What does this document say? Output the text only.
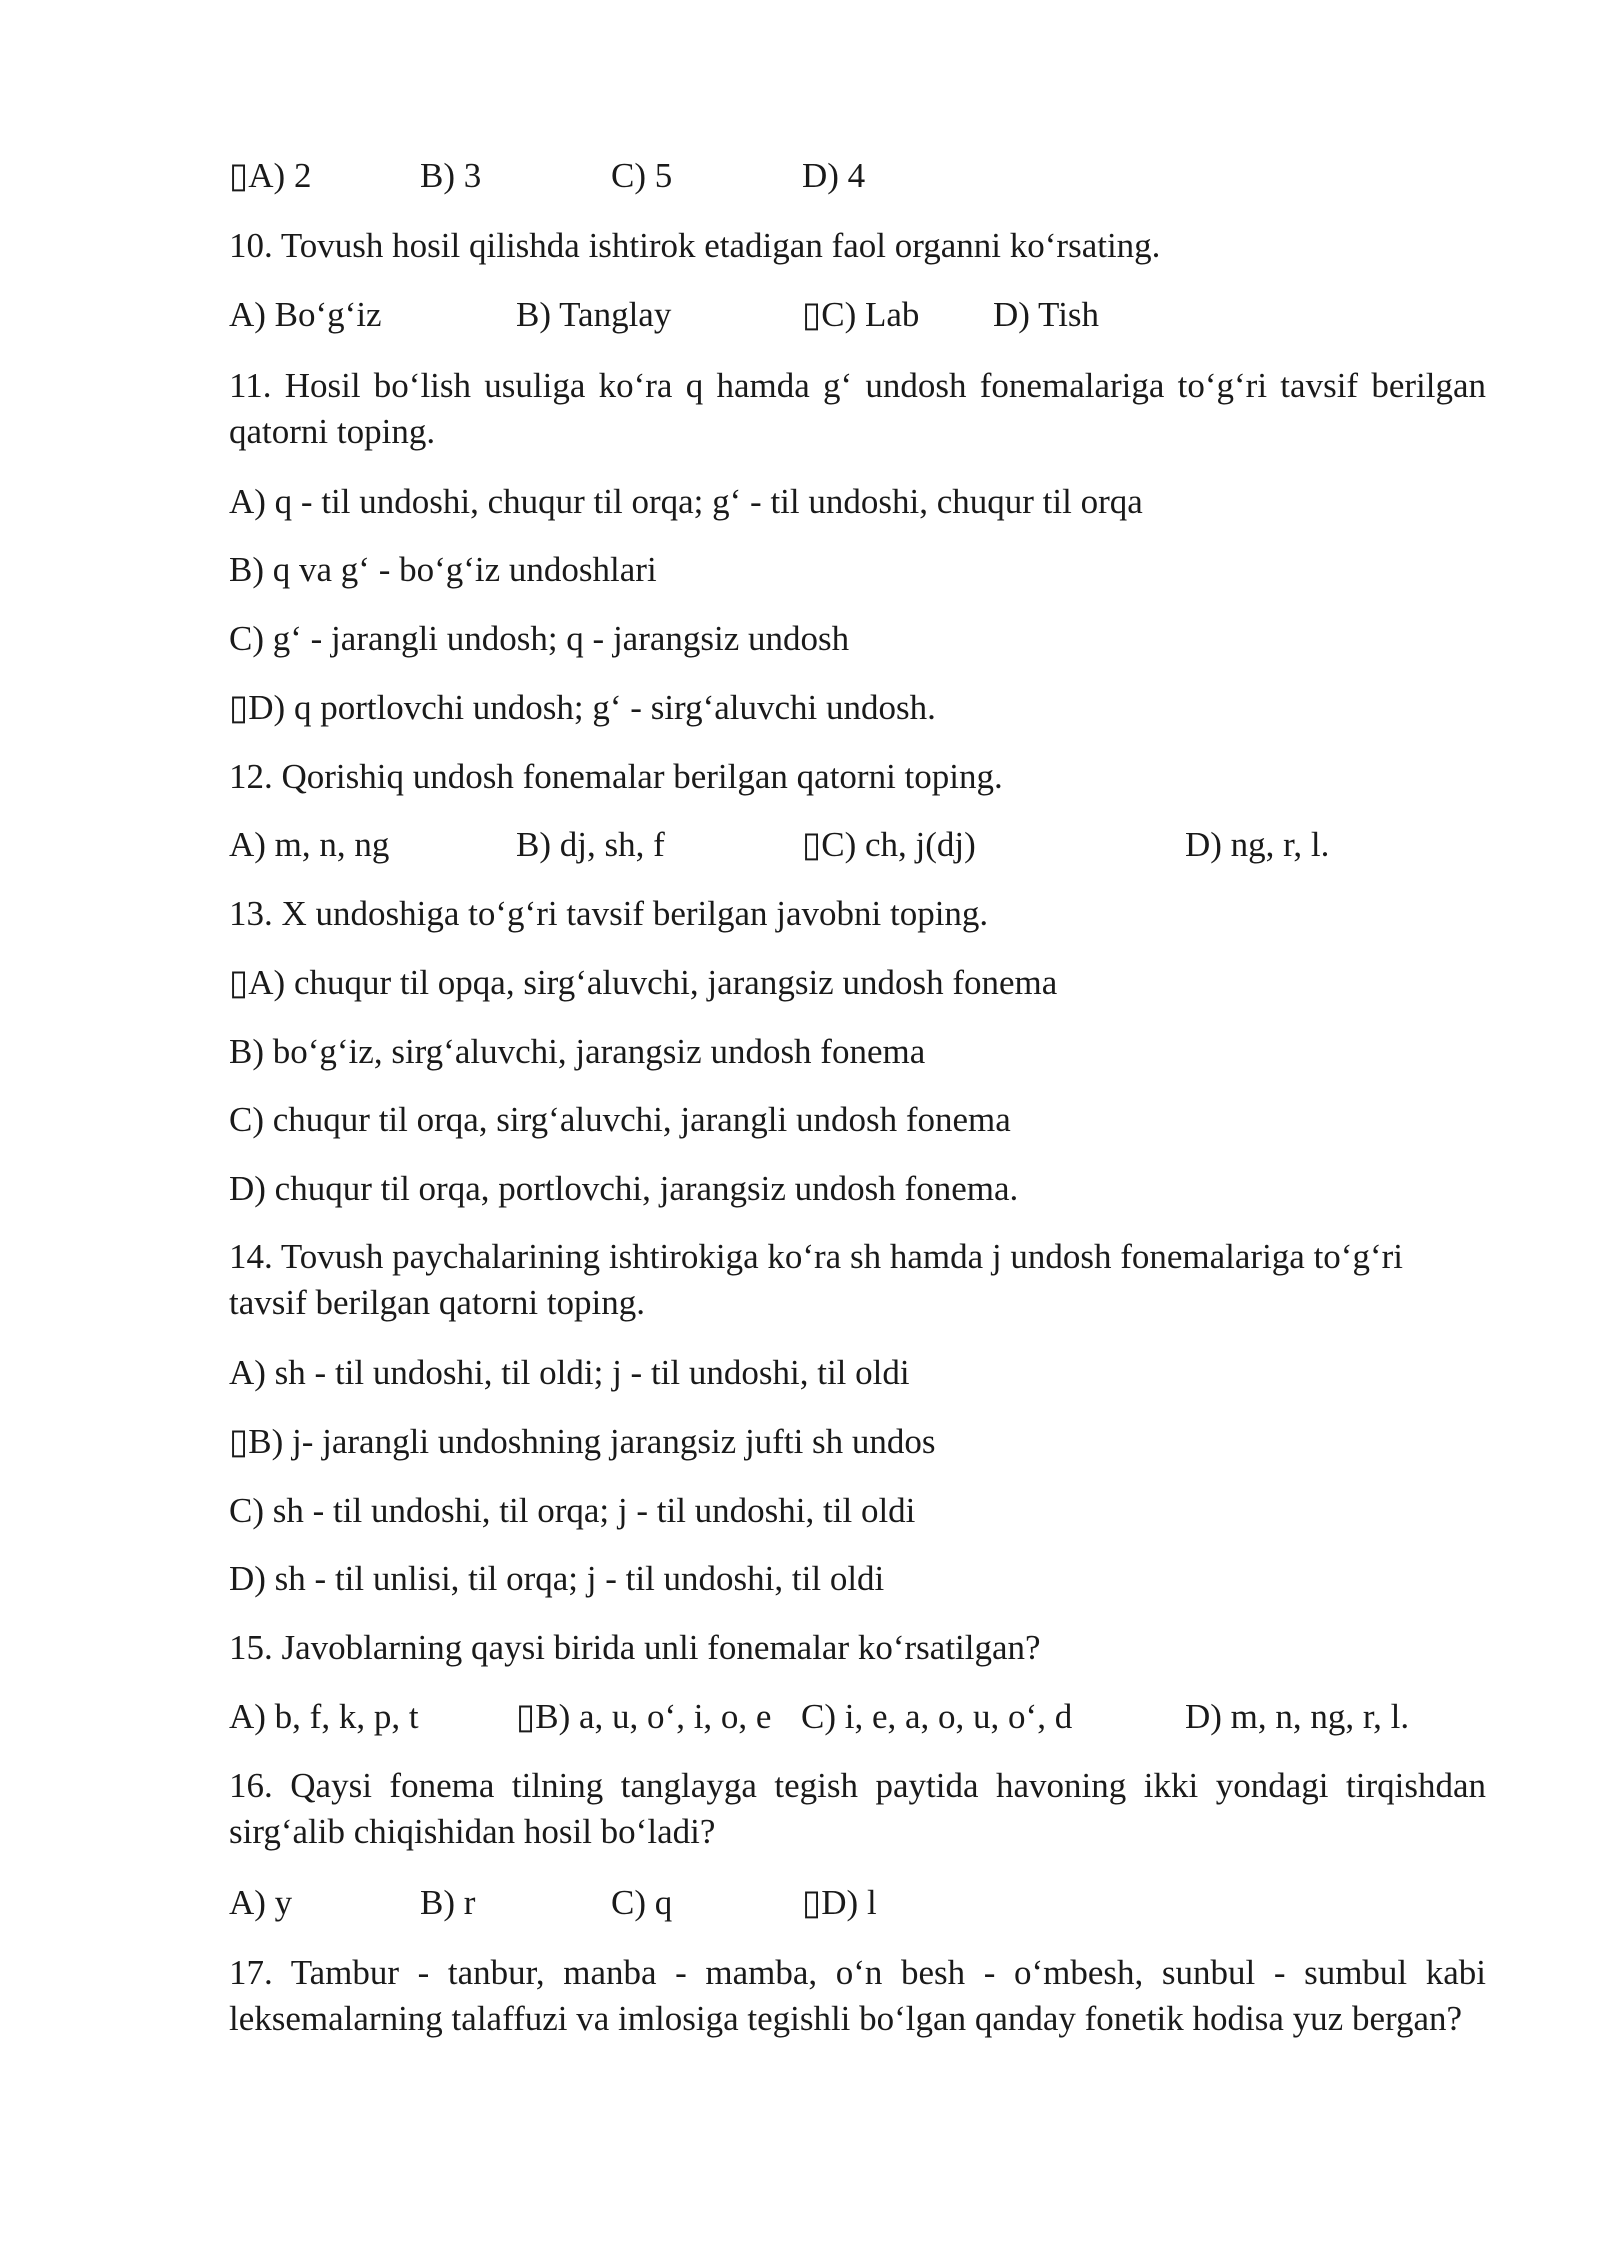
▯A) 2	B) 3	C) 5	D) 4
10. Tovush hosil qilishda ishtirok etadigan faol organni ko‘rsating.
A) Bo‘g‘iz	B) Tanglay	▯C) Lab D) Tish
11. Hosil bo‘lish usuliga ko‘ra q hamda g‘ undosh fonemalariga to‘g‘ri tavsif berilgan qatorni toping.
A) q - til undoshi, chuqur til orqa; g‘ - til undoshi, chuqur til orqa
B) q va g‘ - bo‘g‘iz undoshlari
C) g‘ - jarangli undosh; q - jarangsiz undosh
▯D) q portlovchi undosh; g‘ - sirg‘aluvchi undosh.
12. Qorishiq undosh fonemalar berilgan qatorni toping.
A) m, n, ng	B) dj, sh, f	▯C) ch, j(dj)	D) ng, r, l.
13. X undoshiga to‘g‘ri tavsif berilgan javobni toping.
▯A) chuqur til opqa, sirg‘aluvchi, jarangsiz undosh fonema
B) bo‘g‘iz, sirg‘aluvchi, jarangsiz undosh fonema
C) chuqur til orqa, sirg‘aluvchi, jarangli undosh fonema
D) chuqur til orqa, portlovchi, jarangsiz undosh fonema.
14. Tovush paychalarining ishtirokiga ko‘ra sh hamda j undosh fonemalariga to‘g‘ri tavsif berilgan qatorni toping.
A) sh - til undoshi, til oldi; j - til undoshi, til oldi
▯B) j- jarangli undoshning jarangsiz jufti sh undos
C) sh - til undoshi, til orqa; j - til undoshi, til oldi
D) sh - til unlisi, til orqa; j - til undoshi, til oldi
15. Javoblarning qaysi birida unli fonemalar ko‘rsatilgan?
A) b, f, k, p, t	▯B) a, u, o‘, i, o, e C) i, e, a, o, u, o‘, d	D) m, n, ng, r, l.
16. Qaysi fonema tilning tanglayga tegish paytida havoning ikki yondagi tirqishdan sirg‘alib chiqishidan hosil bo‘ladi?
A) y	B) r	C) q	▯D) l
17. Tambur - tanbur, manba - mamba, o‘n besh - o‘mbesh, sunbul - sumbul kabi leksemalarning talaffuzi va imlosiga tegishli bo‘lgan qanday fonetik hodisa yuz bergan?
